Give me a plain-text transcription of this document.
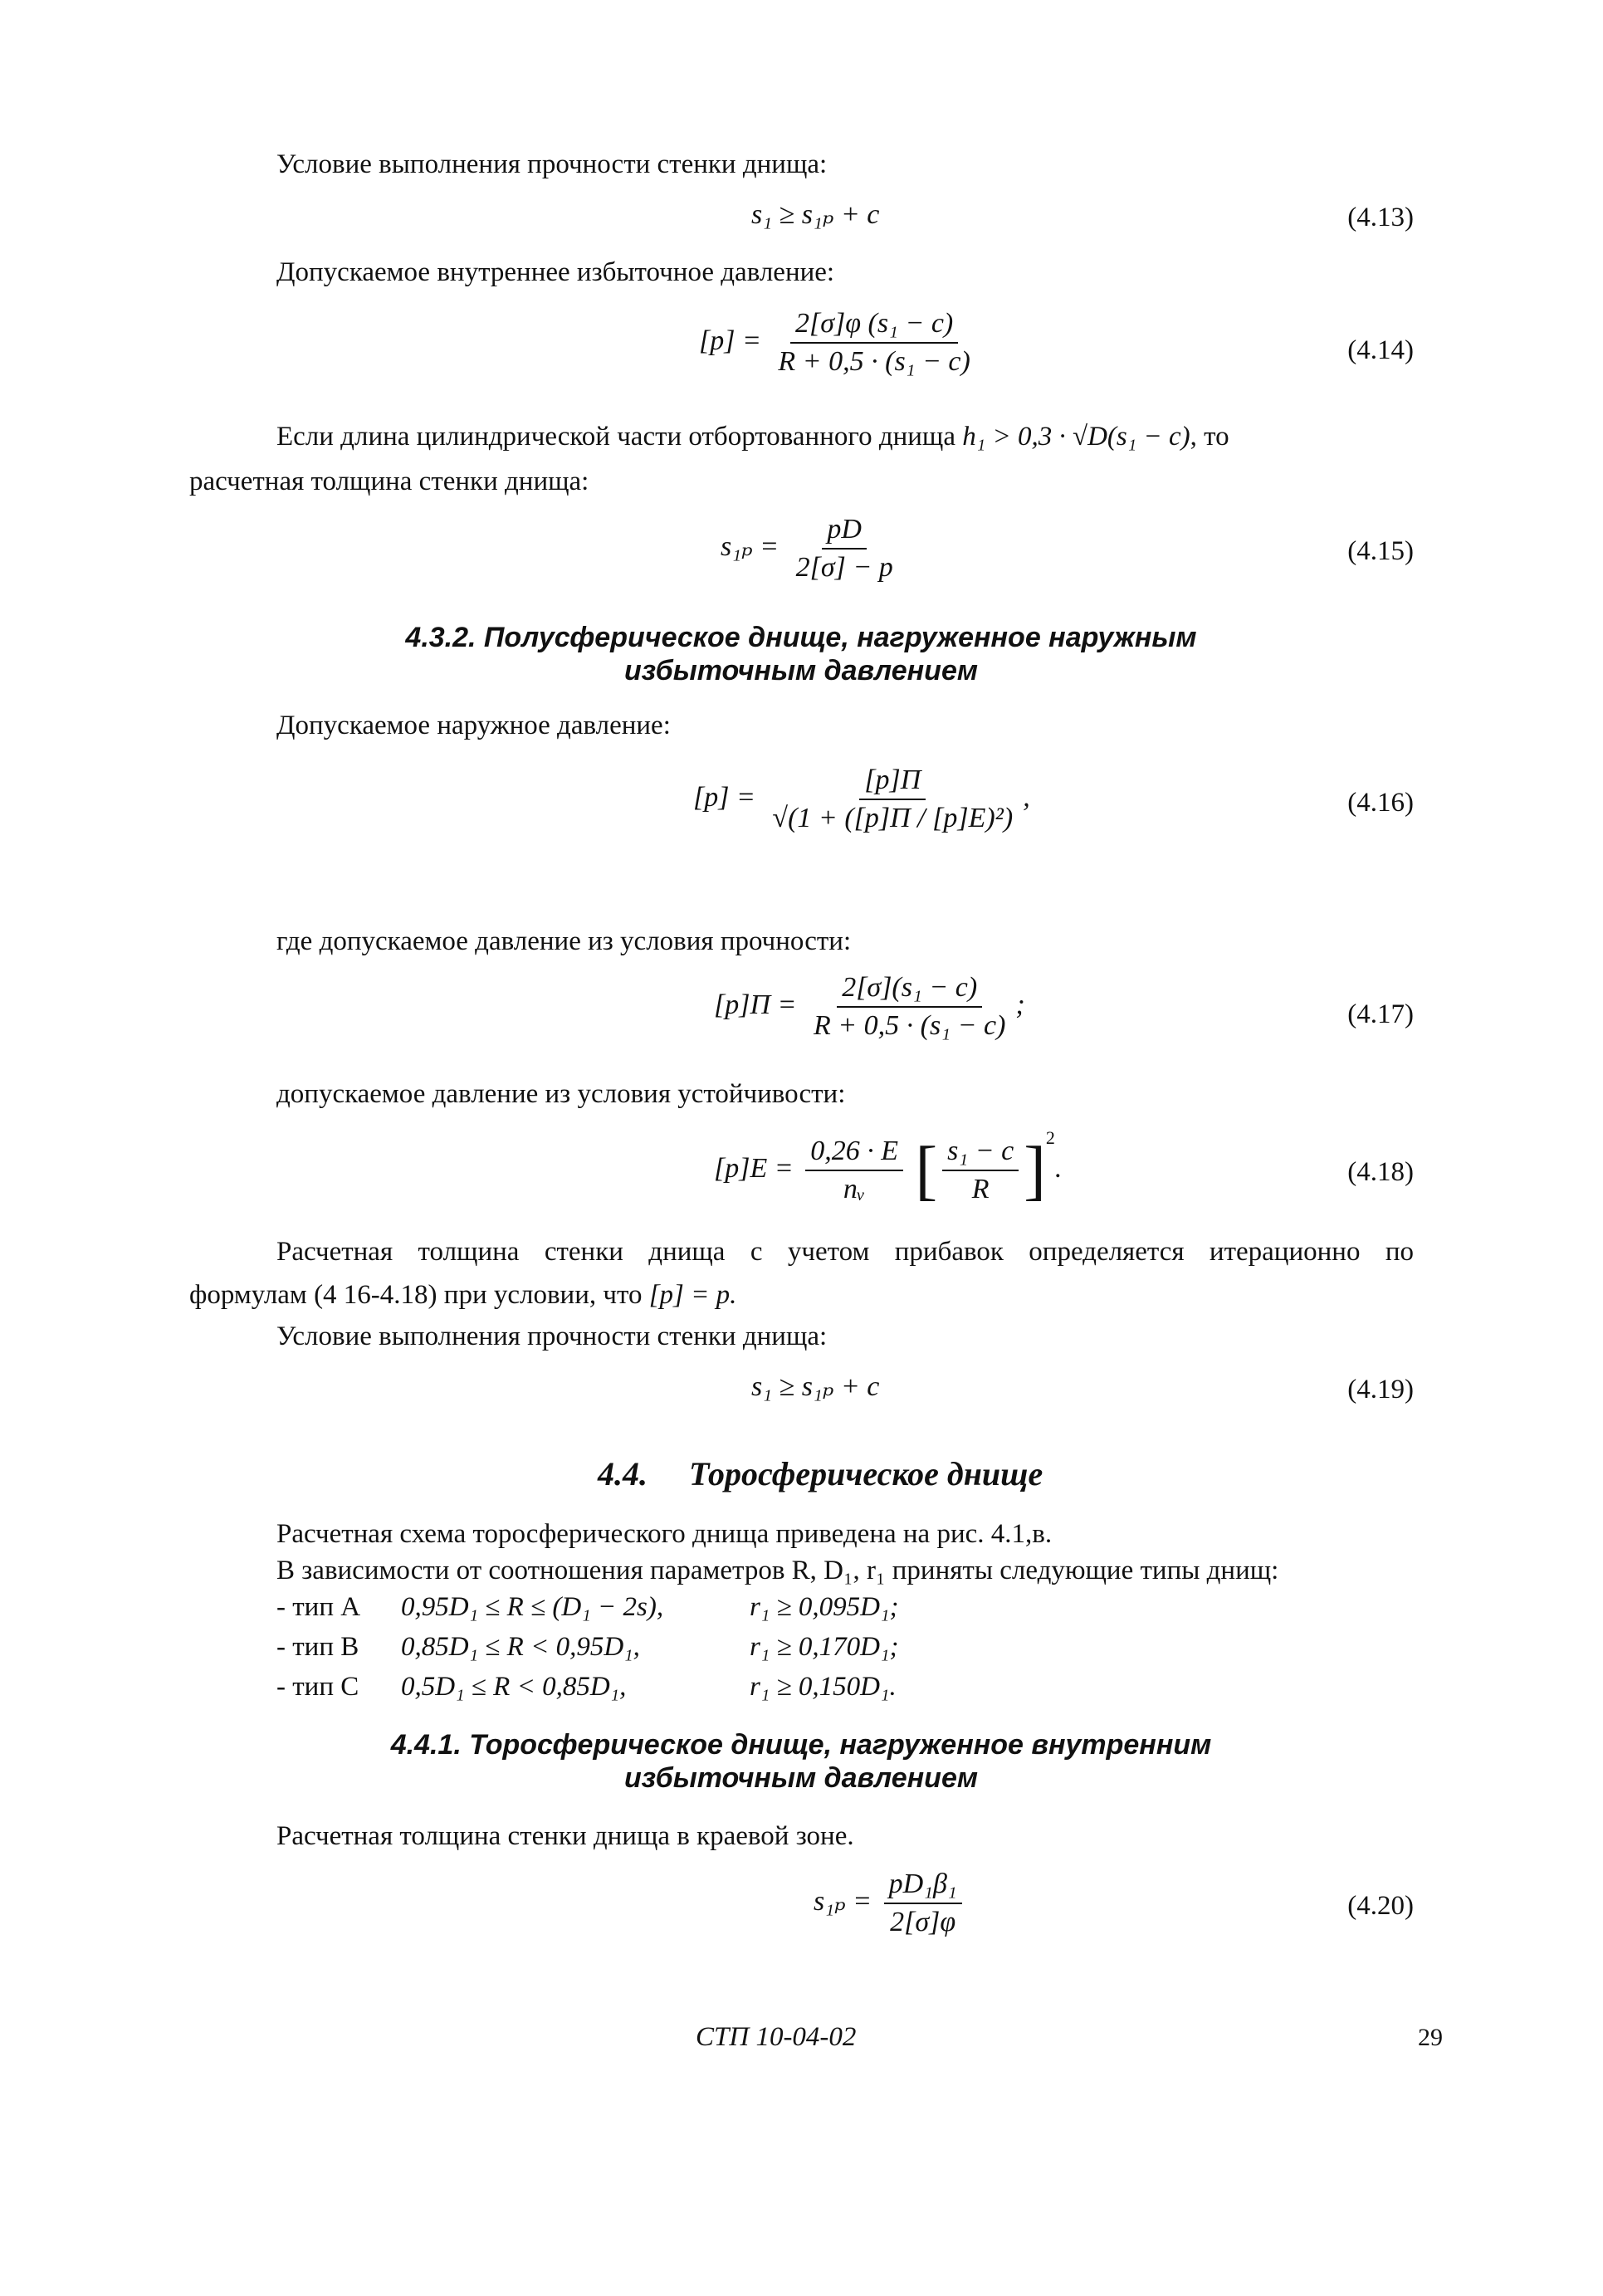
Условие выполнения прочности стенки днища:
s₁ ≥ s₁ₚ + c	(4.13)
Допускаемое внутреннее избыточное давление:
$[p] = \frac{\text{2[σ]φ (s₁ − c)}}{\text{R + 0,5 · (s₁ − c)}}$	(4.14)
Если длина цилиндрической части отбортованного днища h₁ > 0,3 · √D(s₁ − c), то
расчетная толщина стенки днища:
$s_{1p} = \frac{pD}{2[\sigma] - p}$	(4.15)
4.3.2. Полусферическое днище, нагруженное наружным
избыточным давлением
Допускаемое наружное давление:
$[p] = \frac{[p]П}{\text{√(1 + ([p]П / [p]E)²)}}$ ,	(4.16)
где допускаемое давление из условия прочности:
$[p]П = \frac{\text{2[σ](s₁ − c)}}{\text{R + 0,5 · (s₁ − c)}}$ ;	(4.17)
допускаемое давление из условия устойчивости:
$[p]E = \frac{0,26 \cdot E}{\text{nᵥ}}$ [ $\frac{\text{s₁ − c}}{R} ]^2$.	(4.18)
Расчетная толщина стенки днища с учетом прибавок определяется итерационно по
формулам (4 16-4.18) при условии, что [p] = p.
Условие выполнения прочности стенки днища:
s₁ ≥ s₁ₚ + c	(4.19)
4.4. Торосферическое днище
Расчетная схема торосферического днища приведена на рис. 4.1,в.
В зависимости от соотношения параметров R, D₁, r₁ приняты следующие типы днищ:
- тип А 0,95D₁ ≤ R ≤ (D₁ − 2s),	r₁ ≥ 0,095D₁;
- тип В 0,85D₁ ≤ R < 0,95D₁,	r₁ ≥ 0,170D₁;
- тип С 0,5D₁ ≤ R < 0,85D₁,	r₁ ≥ 0,150D₁.
4.4.1. Торосферическое днище, нагруженное внутренним
избыточным давлением
Расчетная толщина стенки днища в краевой зоне.
$s_{1p} = \frac{\text{pD₁β₁}}{2[\sigma]\varphi}$	(4.20)
СТП 10-04-02	29
